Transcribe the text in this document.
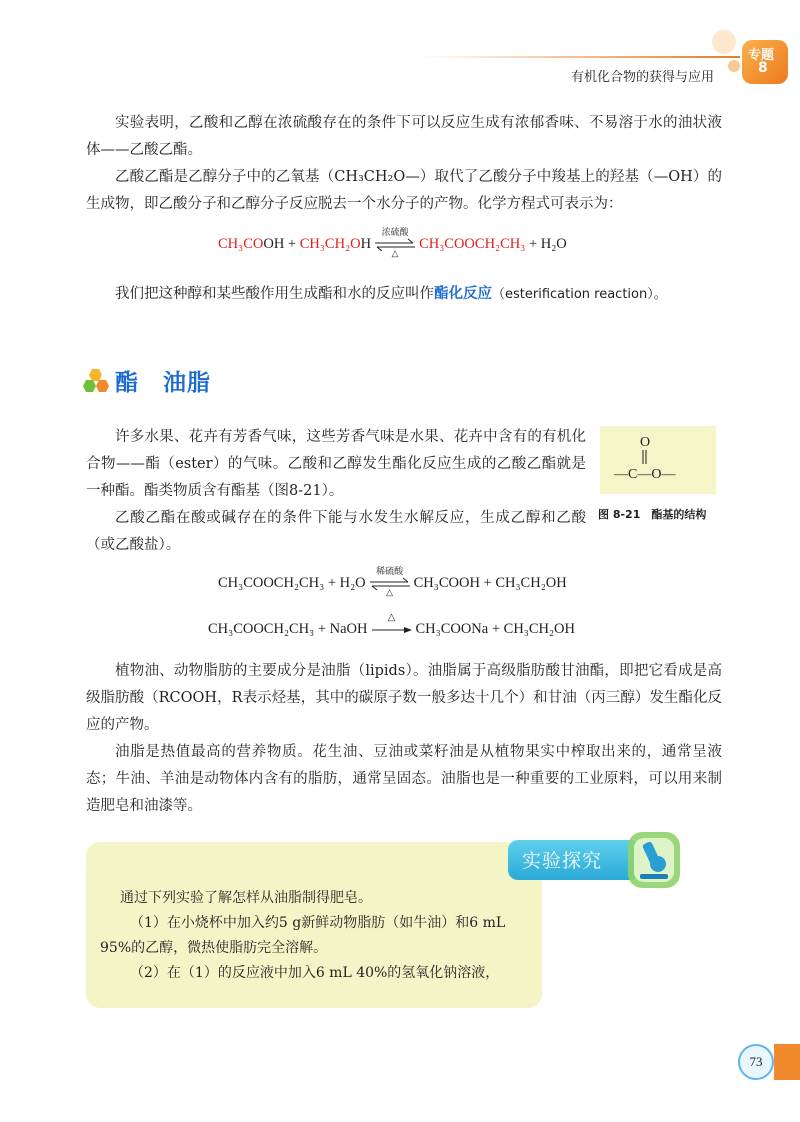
有机化合物的获得与应用
专题
8
实验表明，乙酸和乙醇在浓硫酸存在的条件下可以反应生成有浓郁香味、不易溶于水的油状液体——乙酸乙酯。
乙酸乙酯是乙醇分子中的乙氧基（CH₃CH₂O—）取代了乙酸分子中羧基上的羟基（—OH）的生成物，即乙酸分子和乙醇分子反应脱去一个水分子的产物。化学方程式可表示为：
CH₃COOH + CH₃CH₂OH
浓硫酸
△
CH₃COOCH₂CH₃ + H₂O
我们把这种醇和某些酸作用生成酯和水的反应叫作酯化反应（esterification reaction）。
酯　油脂
许多水果、花卉有芳香气味，这些芳香气味是水果、花卉中含有的有机化合物——酯（ester）的气味。乙酸和乙醇发生酯化反应生成的乙酸乙酯就是一种酯。酯类物质含有酯基（图8-21）。
乙酸乙酯在酸或碱存在的条件下能与水发生水解反应，生成乙醇和乙酸（或乙酸盐）。
O
—C—O—
图 8-21　酯基的结构
CH₃COOCH₂CH₃ + H₂O
稀硫酸
△
CH₃COOH + CH₃CH₂OH
CH₃COOCH₂CH₃ + NaOH
△
CH₃COONa + CH₃CH₂OH
植物油、动物脂肪的主要成分是油脂（lipids）。油脂属于高级脂肪酸甘油酯，即把它看成是高级脂肪酸（RCOOH，R表示烃基，其中的碳原子数一般多达十几个）和甘油（丙三醇）发生酯化反应的产物。
油脂是热值最高的营养物质。花生油、豆油或菜籽油是从植物果实中榨取出来的，通常呈液态；牛油、羊油是动物体内含有的脂肪，通常呈固态。油脂也是一种重要的工业原料，可以用来制造肥皂和油漆等。
实验探究
通过下列实验了解怎样从油脂制得肥皂。
（1）在小烧杯中加入约5 g新鲜动物脂肪（如牛油）和6 mL
95%的乙醇，微热使脂肪完全溶解。
（2）在（1）的反应液中加入6 mL 40%的氢氧化钠溶液，
73
